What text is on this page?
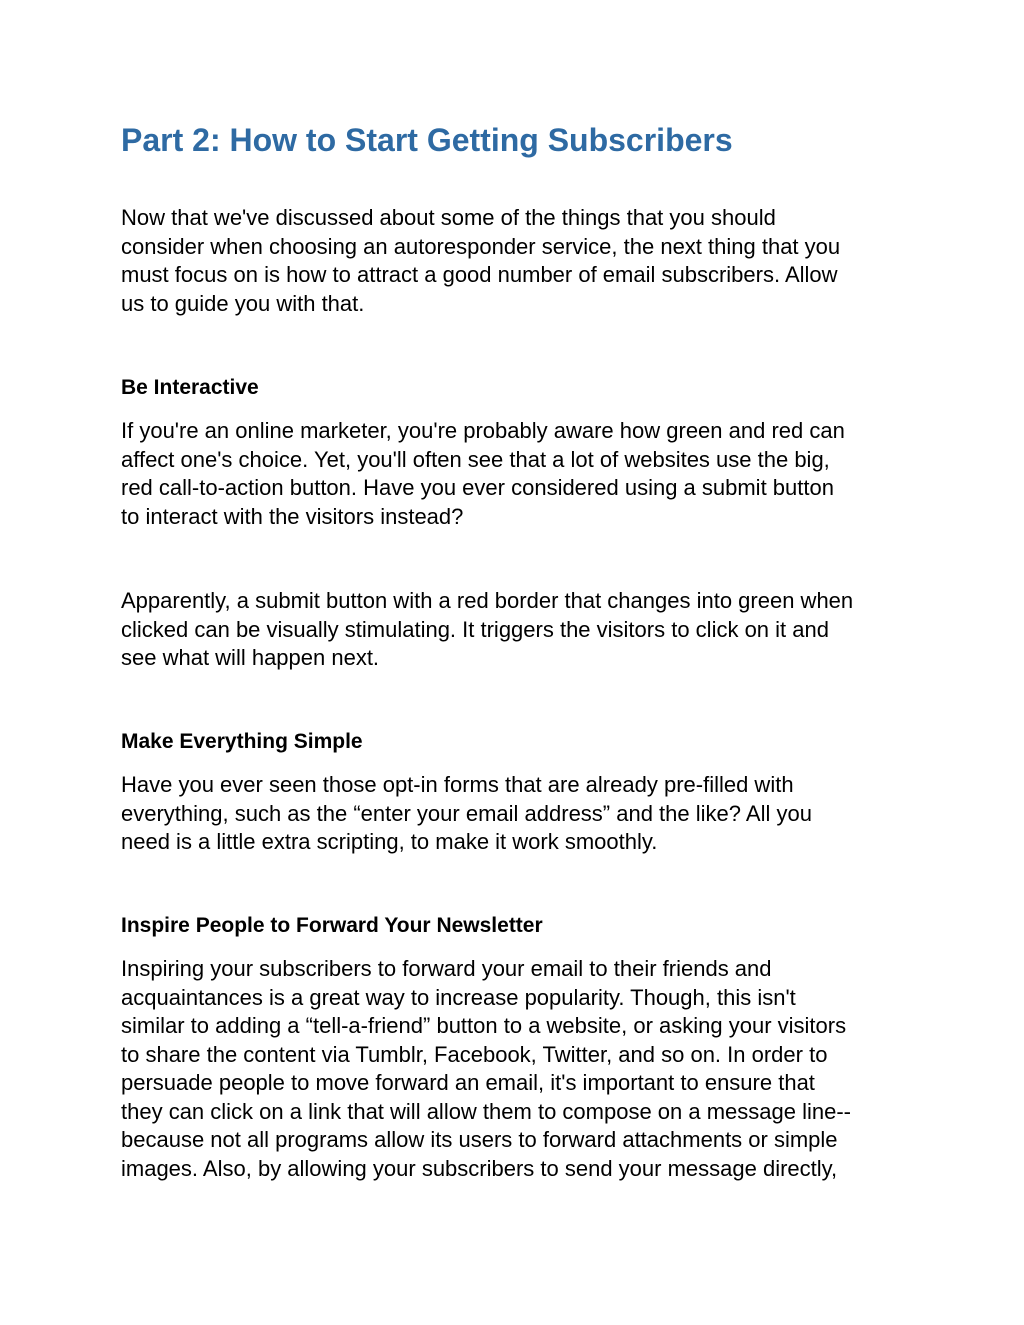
Part 2: How to Start Getting Subscribers

Now that we've discussed about some of the things that you should
consider when choosing an autoresponder service, the next thing that you
must focus on is how to attract a good number of email subscribers. Allow
us to guide you with that.

Be Interactive

If you're an online marketer, you're probably aware how green and red can
affect one's choice. Yet, you'll often see that a lot of websites use the big,
red call-to-action button. Have you ever considered using a submit button
to interact with the visitors instead?

Apparently, a submit button with a red border that changes into green when
clicked can be visually stimulating. It triggers the visitors to click on it and
see what will happen next.

Make Everything Simple

Have you ever seen those opt-in forms that are already pre-filled with
everything, such as the “enter your email address” and the like? All you
need is a little extra scripting, to make it work smoothly.

Inspire People to Forward Your Newsletter

Inspiring your subscribers to forward your email to their friends and
acquaintances is a great way to increase popularity. Though, this isn't
similar to adding a “tell-a-friend” button to a website, or asking your visitors
to share the content via Tumblr, Facebook, Twitter, and so on. In order to
persuade people to move forward an email, it's important to ensure that
they can click on a link that will allow them to compose on a message line--
because not all programs allow its users to forward attachments or simple
images. Also, by allowing your subscribers to send your message directly,
